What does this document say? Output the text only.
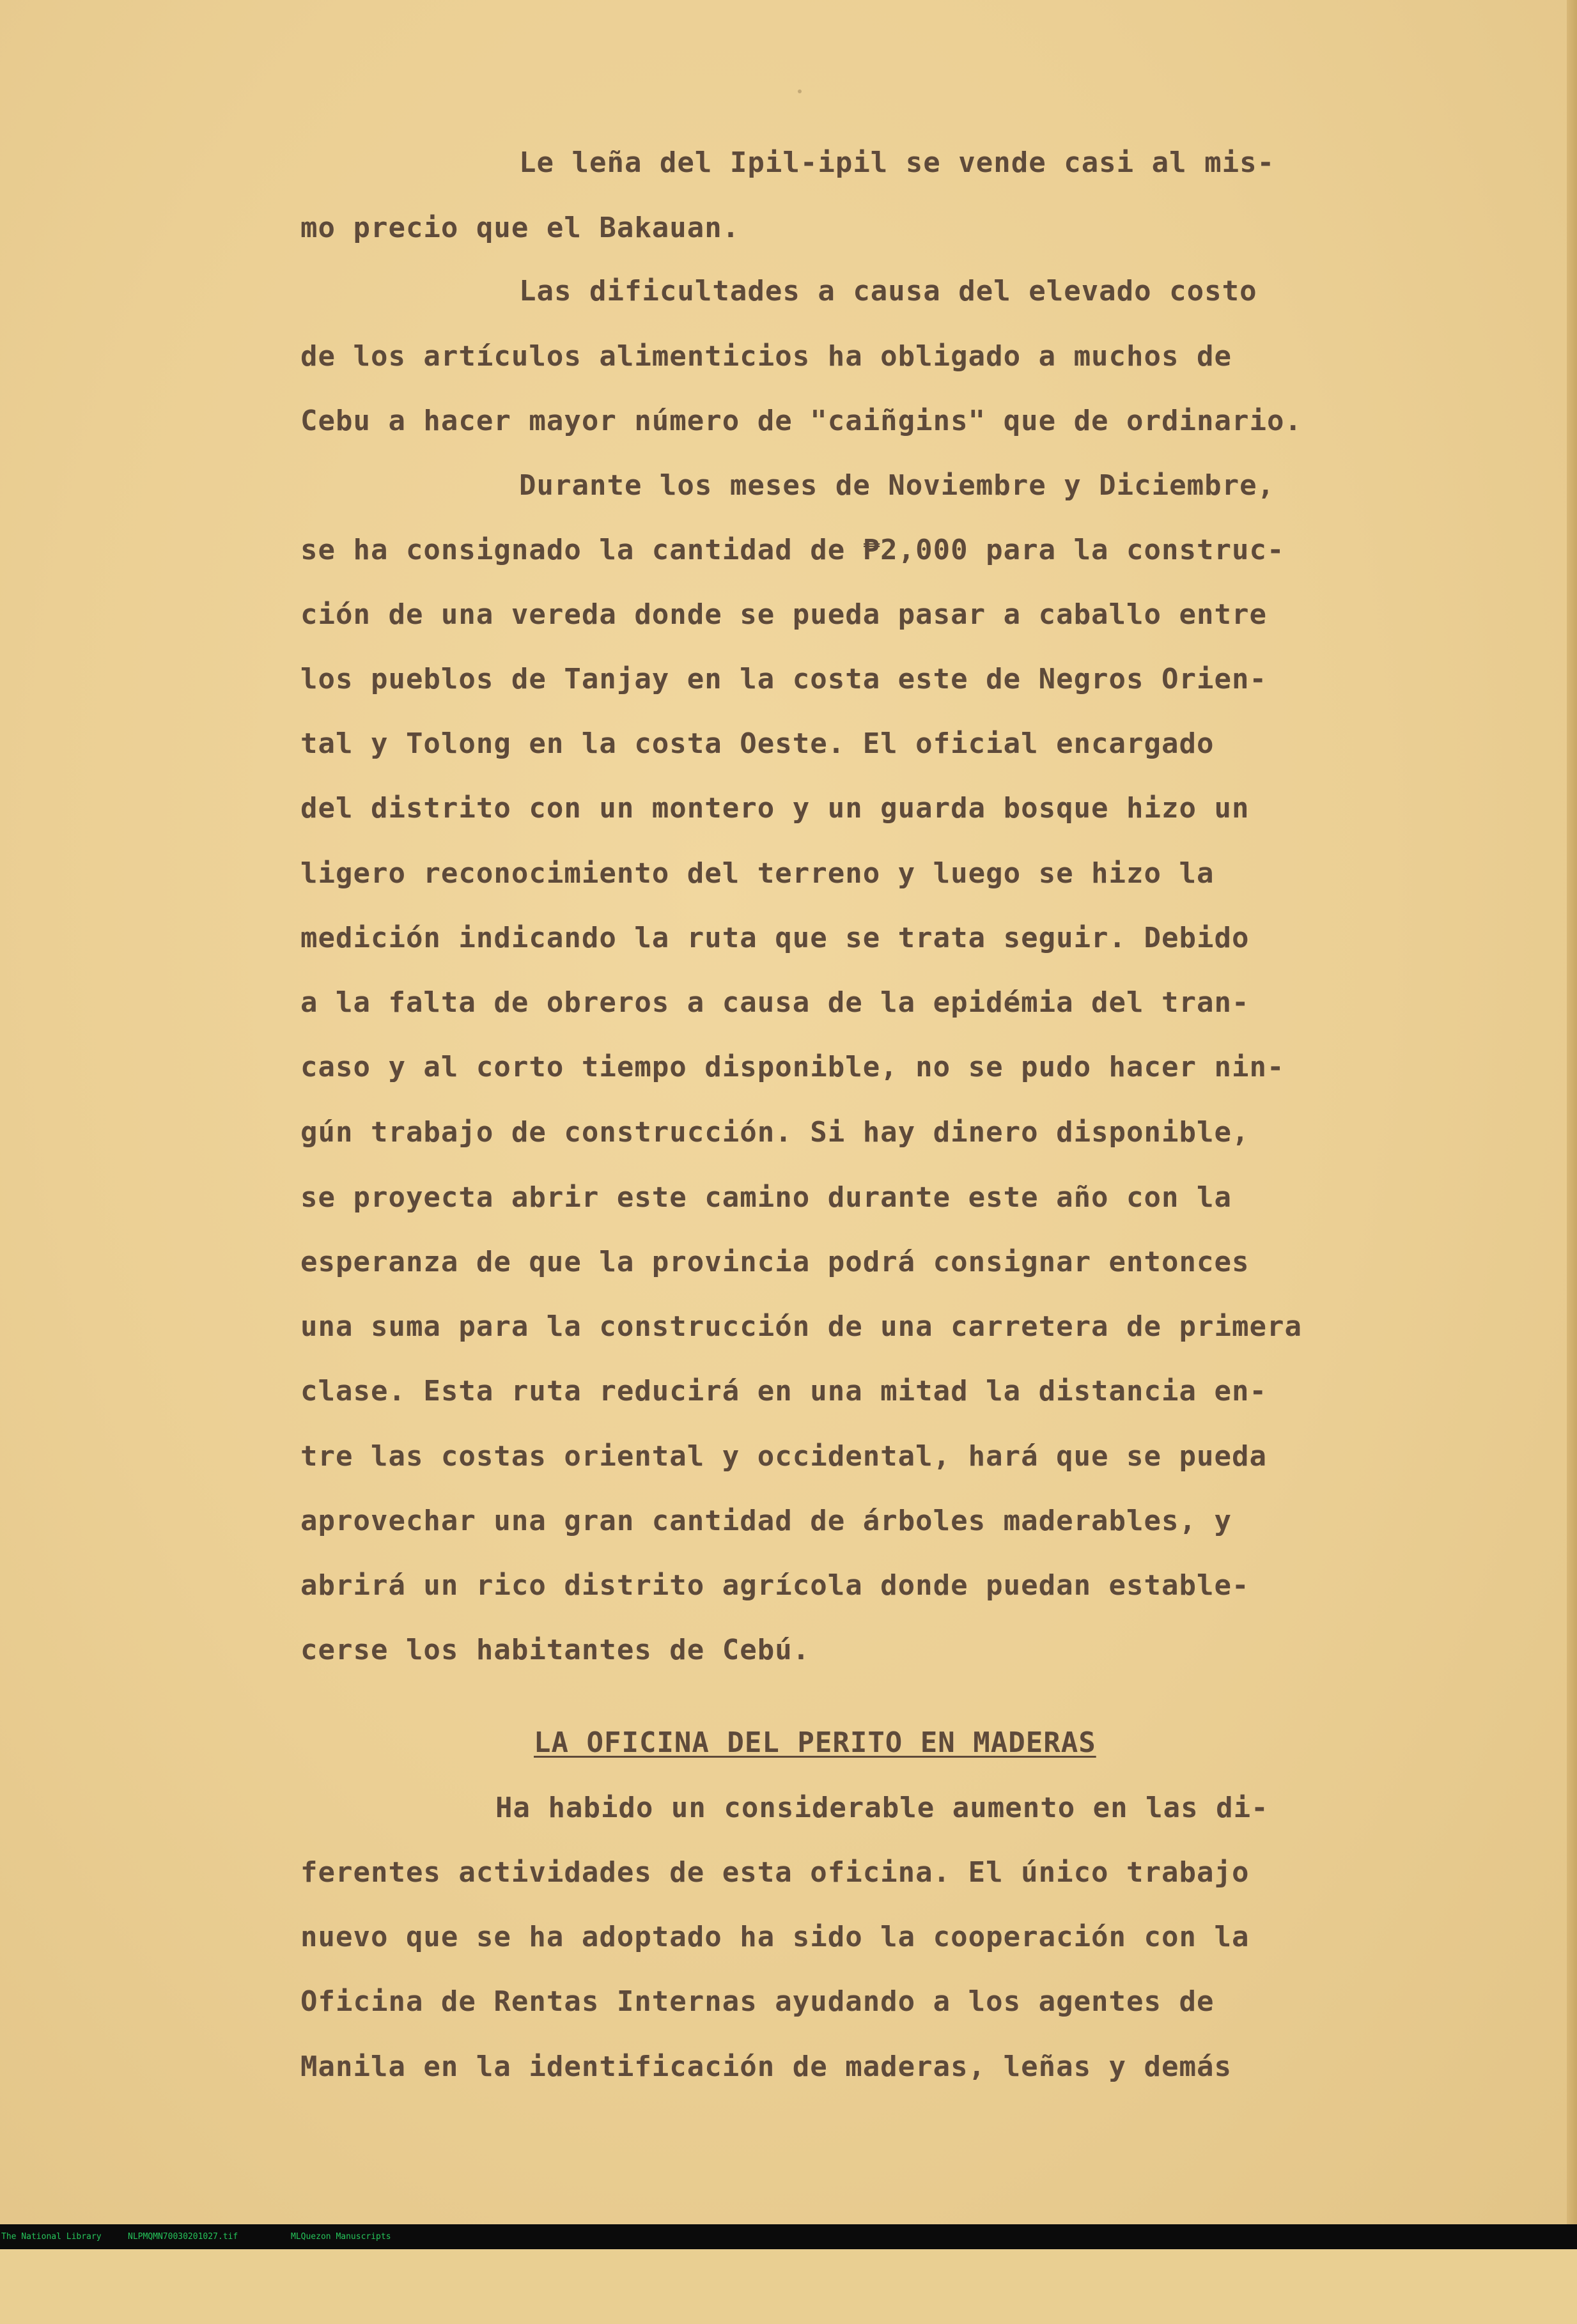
Le leña del Ipil-ipil se vende casi al mis-

mo precio que el Bakauan.

Las dificultades a causa del elevado costo

de los artículos alimenticios ha obligado a muchos de

Cebu a hacer mayor número de "caiñgins" que de ordinario.

Durante los meses de Noviembre y Diciembre,

se ha consignado la cantidad de ₱2,000 para la construc-

ción de una vereda donde se pueda pasar a caballo entre

los pueblos de Tanjay en la costa este de Negros Orien-

tal y Tolong en la costa Oeste. El oficial encargado

del distrito con un montero y un guarda bosque hizo un

ligero reconocimiento del terreno y luego se hizo la

medición indicando la ruta que se trata seguir. Debido

a la falta de obreros a causa de la epidémia del tran-

caso y al corto tiempo disponible, no se pudo hacer nin-

gún trabajo de construcción. Si hay dinero disponible,

se proyecta abrir este camino durante este año con la

esperanza de que la provincia podrá consignar entonces

una suma para la construcción de una carretera de primera

clase. Esta ruta reducirá en una mitad la distancia en-

tre las costas oriental y occidental, hará que se pueda

aprovechar una gran cantidad de árboles maderables, y

abrirá un rico distrito agrícola donde puedan estable-

cerse los habitantes de Cebú.

LA OFICINA DEL PERITO EN MADERAS

Ha habido un considerable aumento en las di-

ferentes actividades de esta oficina. El único trabajo

nuevo que se ha adoptado ha sido la cooperación con la

Oficina de Rentas Internas ayudando a los agentes de

Manila en la identificación de maderas, leñas y demás

The National Library

	NLPMQMN70030201027.tif

	MLQuezon Manuscripts
